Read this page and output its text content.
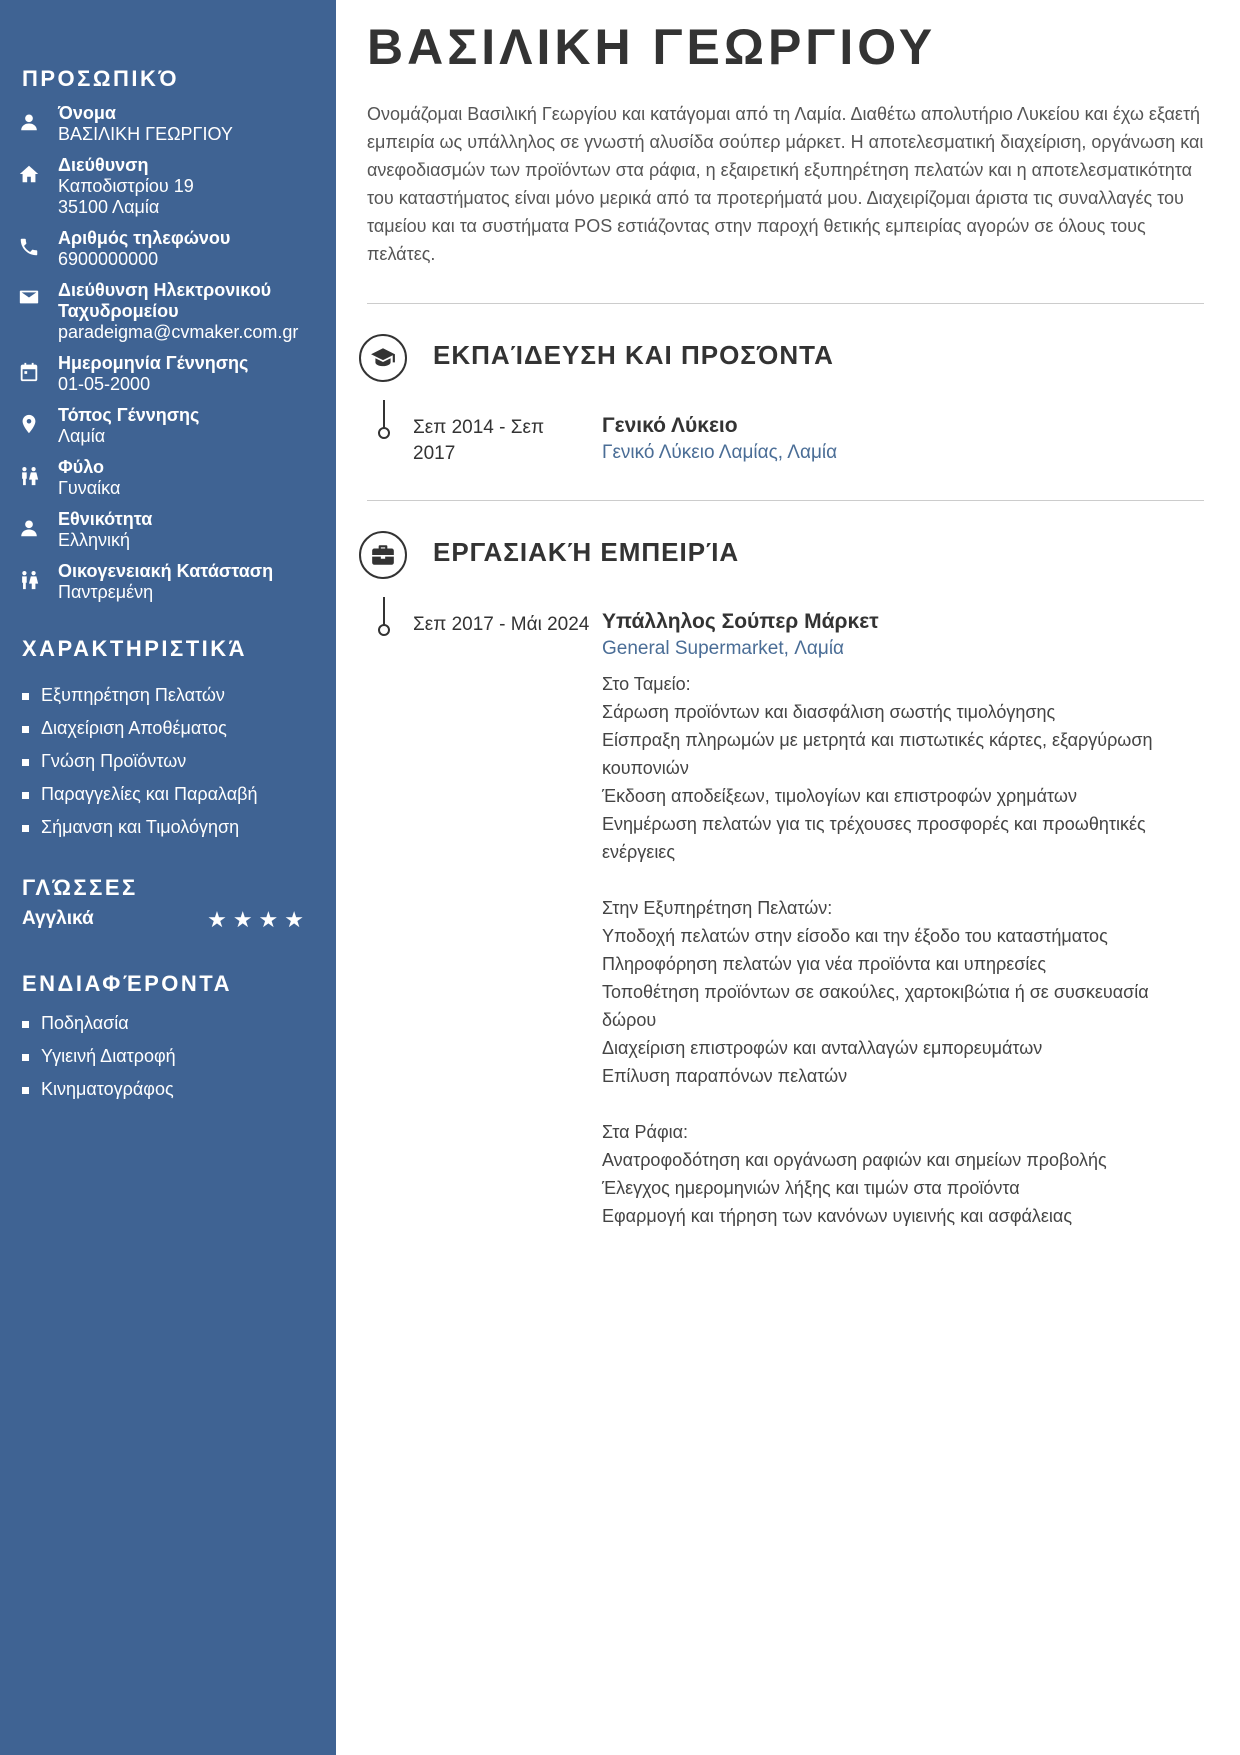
ΠΡΟΣΩΠΙΚΌ
Όνομα
ΒΑΣΙΛΙΚΗ ΓΕΩΡΓΙΟΥ
Διεύθυνση
Καποδιστρίου 19
35100 Λαμία
Αριθμός τηλεφώνου
6900000000
Διεύθυνση Ηλεκτρονικού Ταχυδρομείου
paradeigma@cvmaker.com.gr
Ημερομηνία Γέννησης
01-05-2000
Τόπος Γέννησης
Λαμία
Φύλο
Γυναίκα
Εθνικότητα
Ελληνική
Οικογενειακή Κατάσταση
Παντρεμένη
ΧΑΡΑΚΤΗΡΙΣΤΙΚΆ
Εξυπηρέτηση Πελατών
Διαχείριση Αποθέματος
Γνώση Προϊόντων
Παραγγελίες και Παραλαβή
Σήμανση και Τιμολόγηση
ΓΛΏΣΣΕΣ
Αγγλικά	★★★★
ΕΝΔΙΑΦΈΡΟΝΤΑ
Ποδηλασία
Υγιεινή Διατροφή
Κινηματογράφος
ΒΑΣΙΛΙΚΗ ΓΕΩΡΓΙΟΥ

Ονομάζομαι Βασιλική Γεωργίου και κατάγομαι από τη Λαμία. Διαθέτω απολυτήριο Λυκείου και έχω εξαετή εμπειρία ως υπάλληλος σε γνωστή αλυσίδα σούπερ μάρκετ. Η αποτελεσματική διαχείριση, οργάνωση και ανεφοδιασμών των προϊόντων στα ράφια, η εξαιρετική εξυπηρέτηση πελατών και η αποτελεσματικότητα του καταστήματος είναι μόνο μερικά από τα προτερήματά μου. Διαχειρίζομαι άριστα τις συναλλαγές του ταμείου και τα συστήματα POS εστιάζοντας στην παροχή θετικής εμπειρίας αγορών σε όλους τους πελάτες.

ΕΚΠΑΊΔΕΥΣΗ ΚΑΙ ΠΡΟΣΌΝΤΑ
Σεπ 2014 - Σεπ 2017
Γενικό Λύκειο
Γενικό Λύκειο Λαμίας, Λαμία
ΕΡΓΑΣΙΑΚΉ ΕΜΠΕΙΡΊΑ
Σεπ 2017 - Μάι 2024 Υπάλληλος Σούπερ Μάρκετ
General Supermarket, Λαμία

Στο Ταμείο:

Σάρωση προϊόντων και διασφάλιση σωστής τιμολόγησης

Είσπραξη πληρωμών με μετρητά και πιστωτικές κάρτες, εξαργύρωση κουπονιών

Έκδοση αποδείξεων, τιμολογίων και επιστροφών χρημάτων

Ενημέρωση πελατών για τις τρέχουσες προσφορές και προωθητικές ενέργειες

Στην Εξυπηρέτηση Πελατών:

Υποδοχή πελατών στην είσοδο και την έξοδο του καταστήματος

Πληροφόρηση πελατών για νέα προϊόντα και υπηρεσίες

Τοποθέτηση προϊόντων σε σακούλες, χαρτοκιβώτια ή σε συσκευασία δώρου

Διαχείριση επιστροφών και ανταλλαγών εμπορευμάτων

Επίλυση παραπόνων πελατών

Στα Ράφια:

Ανατροφοδότηση και οργάνωση ραφιών και σημείων προβολής

Έλεγχος ημερομηνιών λήξης και τιμών στα προϊόντα

Εφαρμογή και τήρηση των κανόνων υγιεινής και ασφάλειας
